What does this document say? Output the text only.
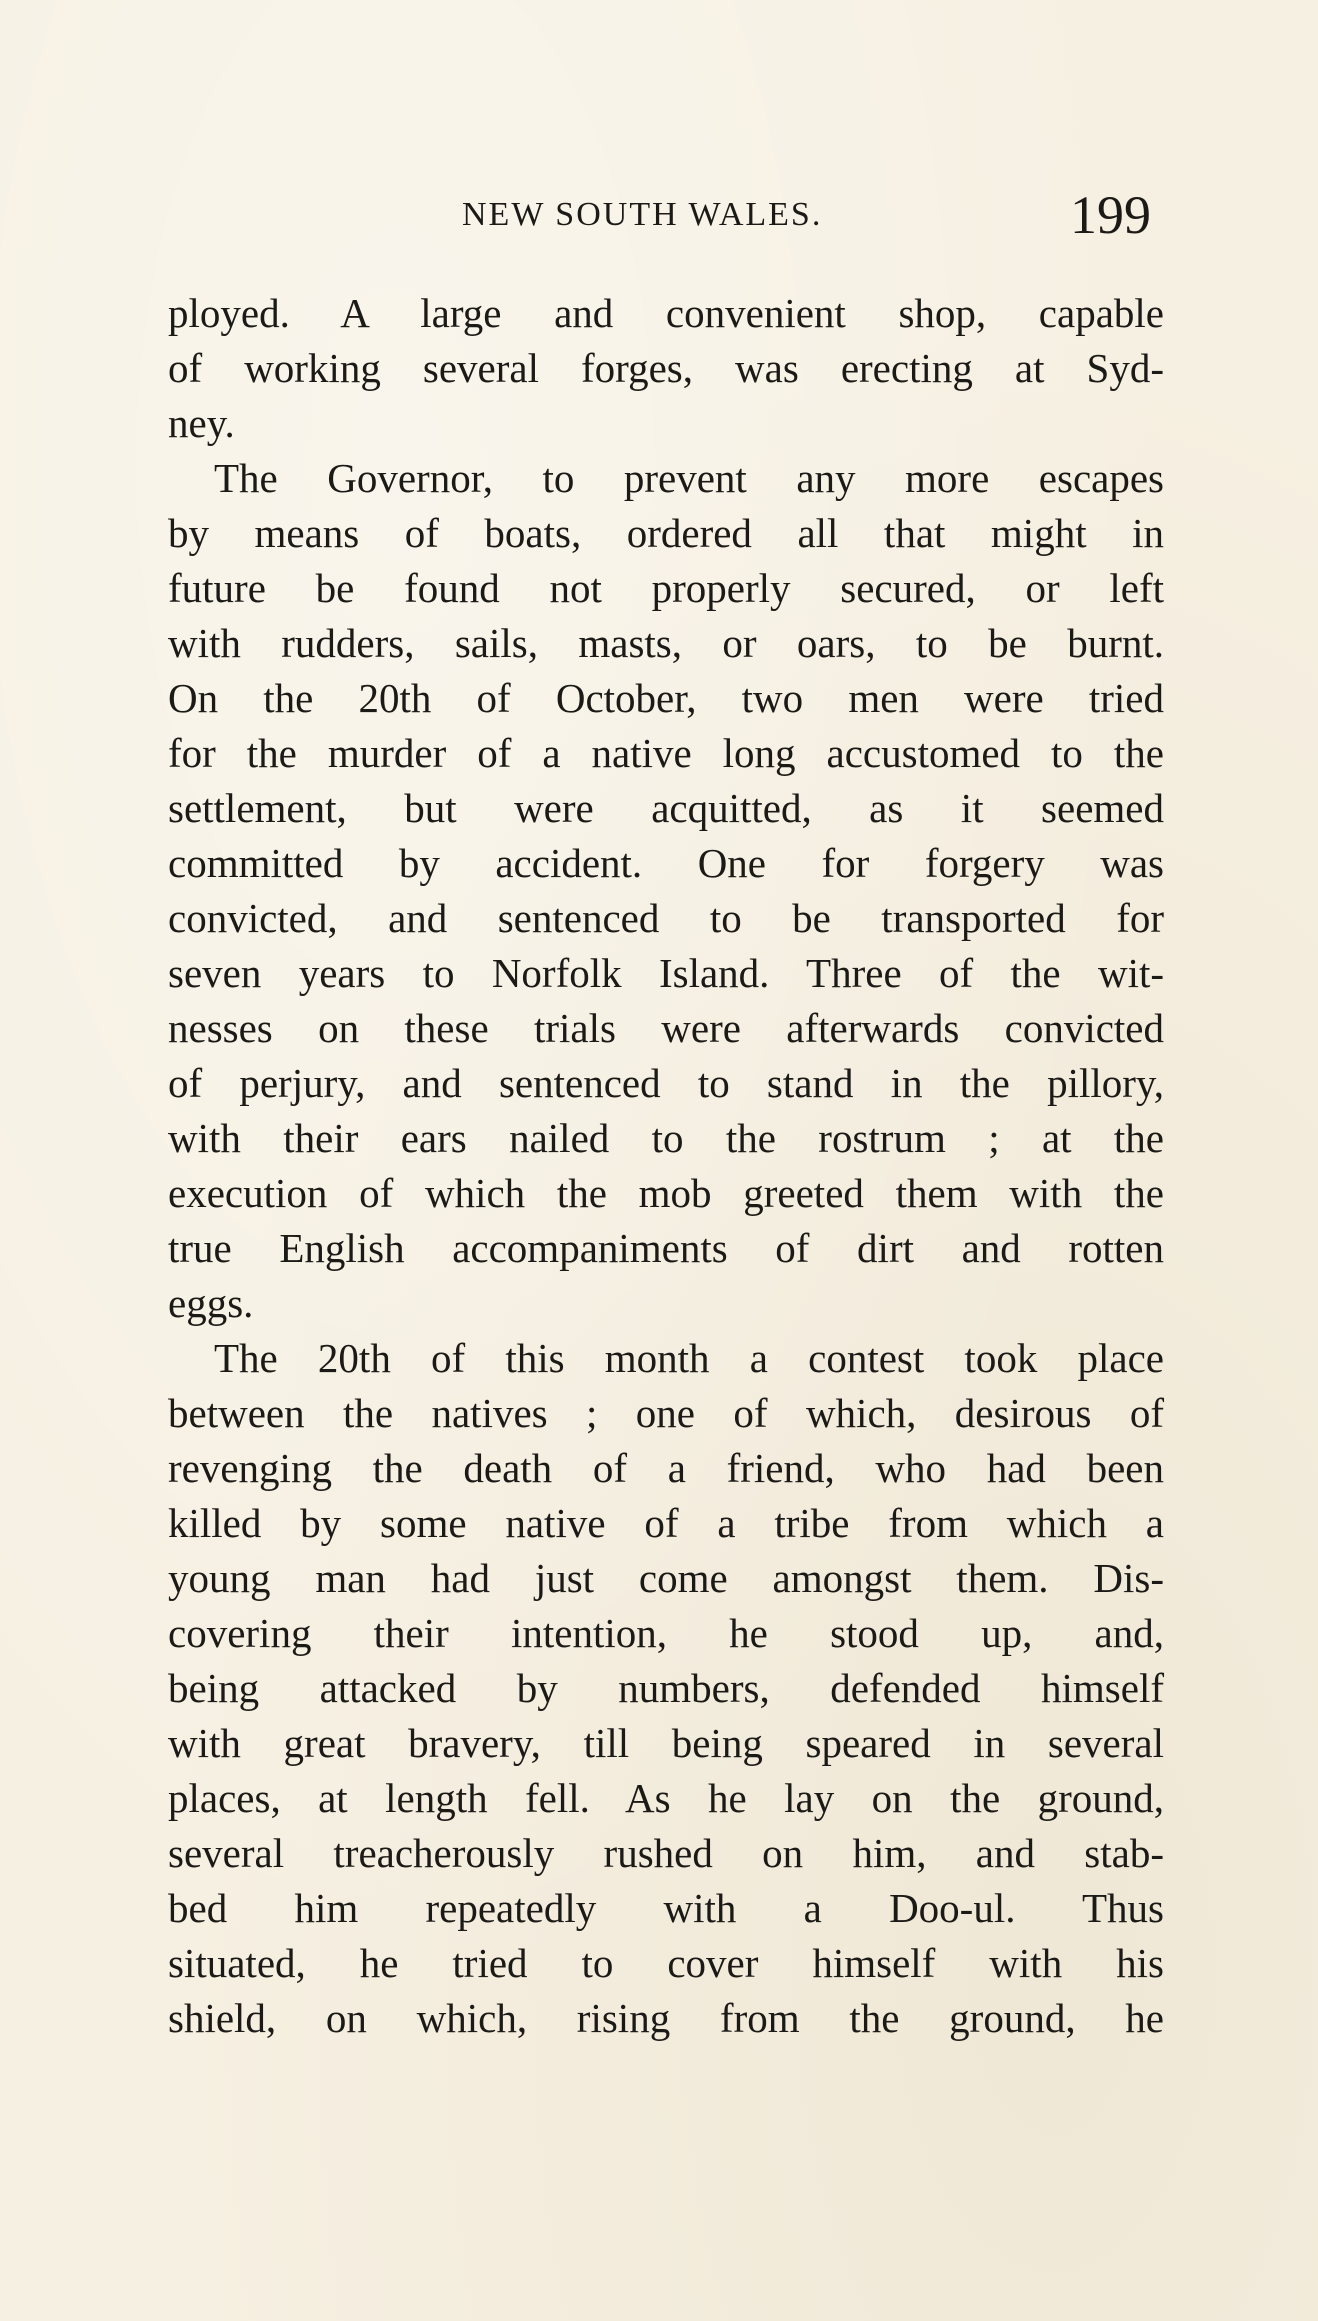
NEW SOUTH WALES.	199
ployed. A large and convenient shop, capable
of working several forges, was erecting at Syd-
ney.
The Governor, to prevent any more escapes
by means of boats, ordered all that might in
future be found not properly secured, or left
with rudders, sails, masts, or oars, to be burnt.
On the 20th of October, two men were tried
for the murder of a native long accustomed to the
settlement, but were acquitted, as it seemed
committed by accident. One for forgery was
convicted, and sentenced to be transported for
seven years to Norfolk Island. Three of the wit-
nesses on these trials were afterwards convicted
of perjury, and sentenced to stand in the pillory,
with their ears nailed to the rostrum ; at the
execution of which the mob greeted them with the
true English accompaniments of dirt and rotten
eggs.
The 20th of this month a contest took place
between the natives ; one of which, desirous of
revenging the death of a friend, who had been
killed by some native of a tribe from which a
young man had just come amongst them. Dis-
covering their intention, he stood up, and,
being attacked by numbers, defended himself
with great bravery, till being speared in several
places, at length fell. As he lay on the ground,
several treacherously rushed on him, and stab-
bed him repeatedly with a Doo-ul. Thus
situated, he tried to cover himself with his
shield, on which, rising from the ground, he
